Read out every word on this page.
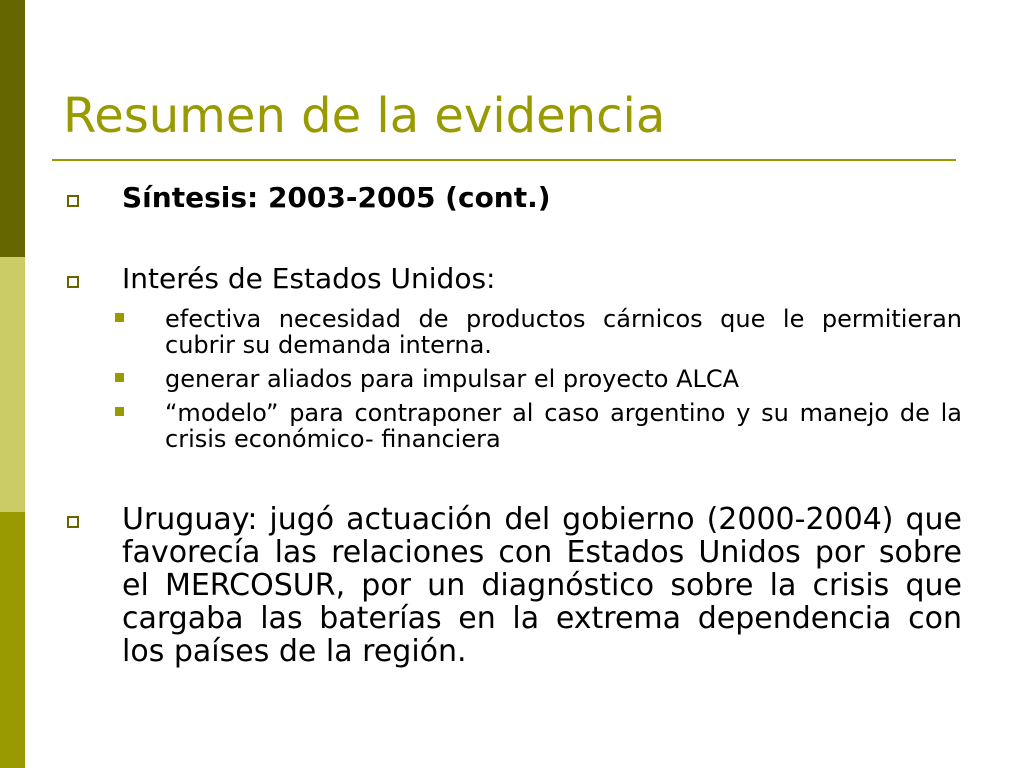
Resumen de la evidencia
Síntesis: 2003-2005 (cont.)
Interés de Estados Unidos:
efectiva necesidad de productos cárnicos que le permitieran cubrir su demanda interna.
generar aliados para impulsar el proyecto ALCA
“modelo” para contraponer al caso argentino y su manejo de la crisis económico- financiera
Uruguay: jugó actuación del gobierno (2000-2004) que favorecía las relaciones con Estados Unidos por sobre el MERCOSUR, por un diagnóstico sobre la crisis que cargaba las baterías en la extrema dependencia con los países de la región.
